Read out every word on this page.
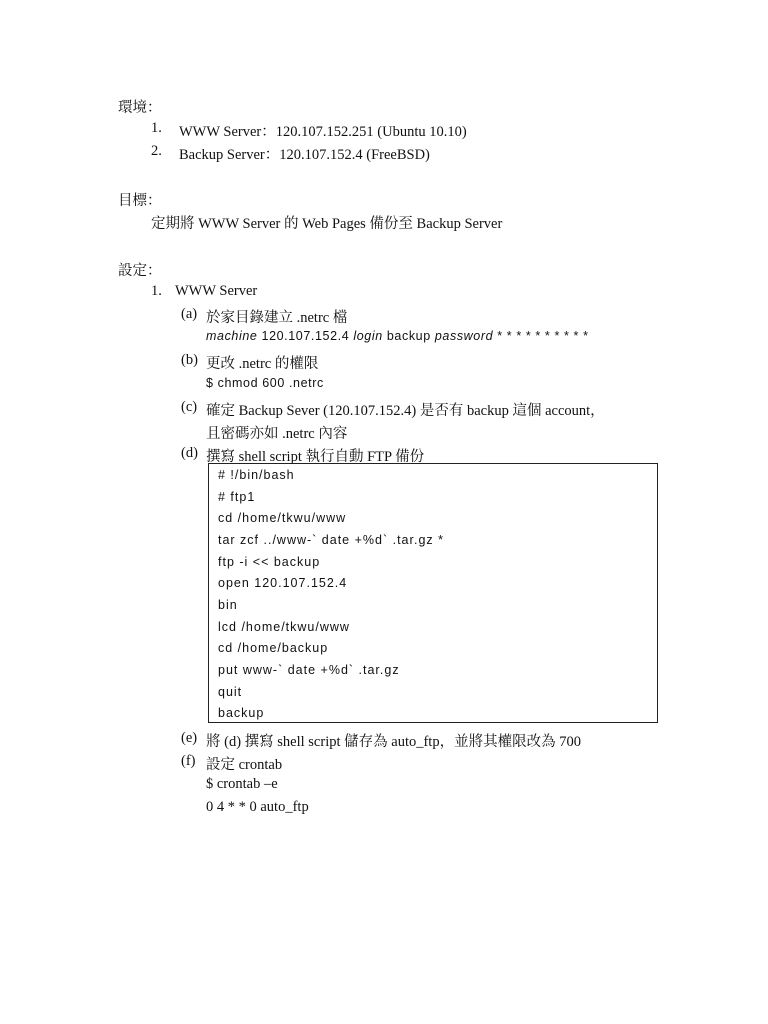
環境：
1. WWW Server：120.107.152.251 (Ubuntu 10.10)
2. Backup Server：120.107.152.4 (FreeBSD)
目標：
定期將 WWW Server 的 Web Pages 備份至 Backup Server
設定：
1. WWW Server
(a) 於家目錄建立 .netrc 檔
machine 120.107.152.4 login backup password * * * * * * * * * *
(b) 更改 .netrc 的權限
$ chmod 600 .netrc
(c) 確定 Backup Sever (120.107.152.4) 是否有 backup 這個 account，
且密碼亦如 .netrc 內容
(d) 撰寫 shell script 執行自動 FTP 備份
# !/bin/bash
# ftp1
cd /home/tkwu/www
tar zcf ../www-` date +%d` .tar.gz *
ftp -i << backup
open 120.107.152.4
bin
lcd /home/tkwu/www
cd /home/backup
put www-` date +%d` .tar.gz
quit
backup
(e) 將 (d) 撰寫 shell script 儲存為 auto_ftp，並將其權限改為 700
(f) 設定 crontab
$ crontab –e
0 4 * * 0 auto_ftp
